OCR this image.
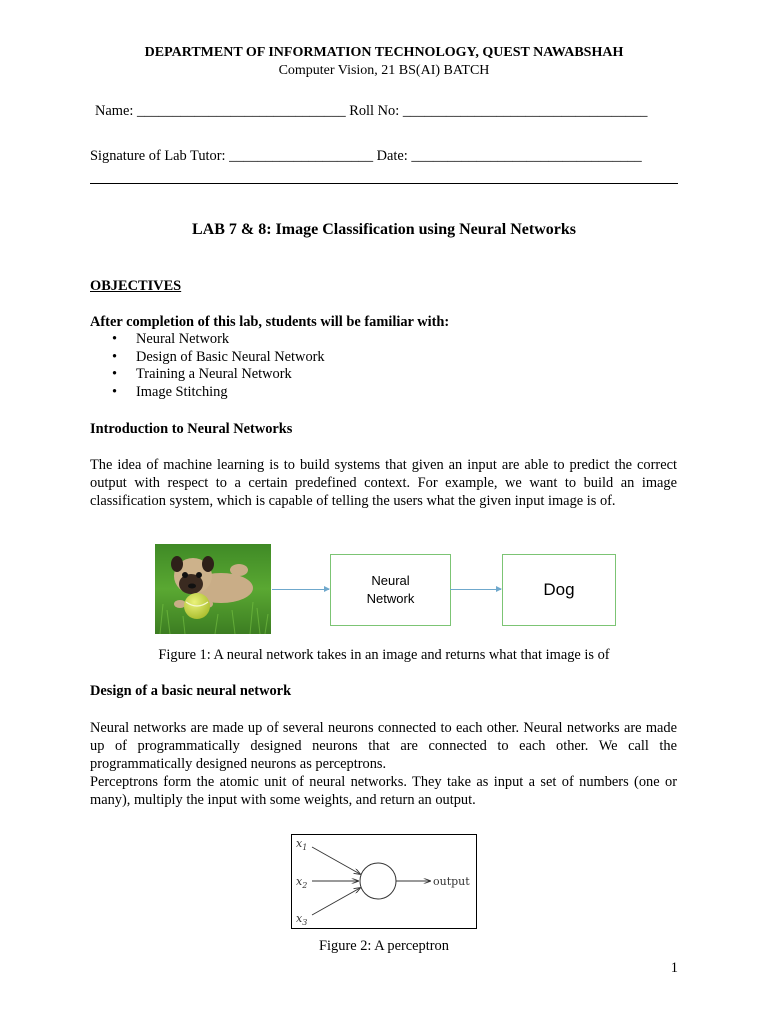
DEPARTMENT OF INFORMATION TECHNOLOGY, QUEST NAWABSHAH
Computer Vision, 21 BS(AI) BATCH
Name: _____________________________ Roll No: __________________________________
Signature of Lab Tutor: ____________________ Date: ________________________________
LAB 7 & 8: Image Classification using Neural Networks
OBJECTIVES
After completion of this lab, students will be familiar with:
• Neural Network
• Design of Basic Neural Network
• Training a Neural Network
• Image Stitching
Introduction to Neural Networks
The idea of machine learning is to build systems that given an input are able to predict the correct output with respect to a certain predefined context. For example, we want to build an image classification system, which is capable of telling the users what the given input image is of.
Neural
Network	Dog
Figure 1: A neural network takes in an image and returns what that image is of
Design of a basic neural network
Neural networks are made up of several neurons connected to each other. Neural networks are made up of programmatically designed neurons that are connected to each other. We call the programmatically designed neurons as perceptrons.
Perceptrons form the atomic unit of neural networks. They take as input a set of numbers (one or many), multiply the input with some weights, and return an output.
$x_1$
$x_2$
$x_3$
output
Figure 2: A perceptron
1
